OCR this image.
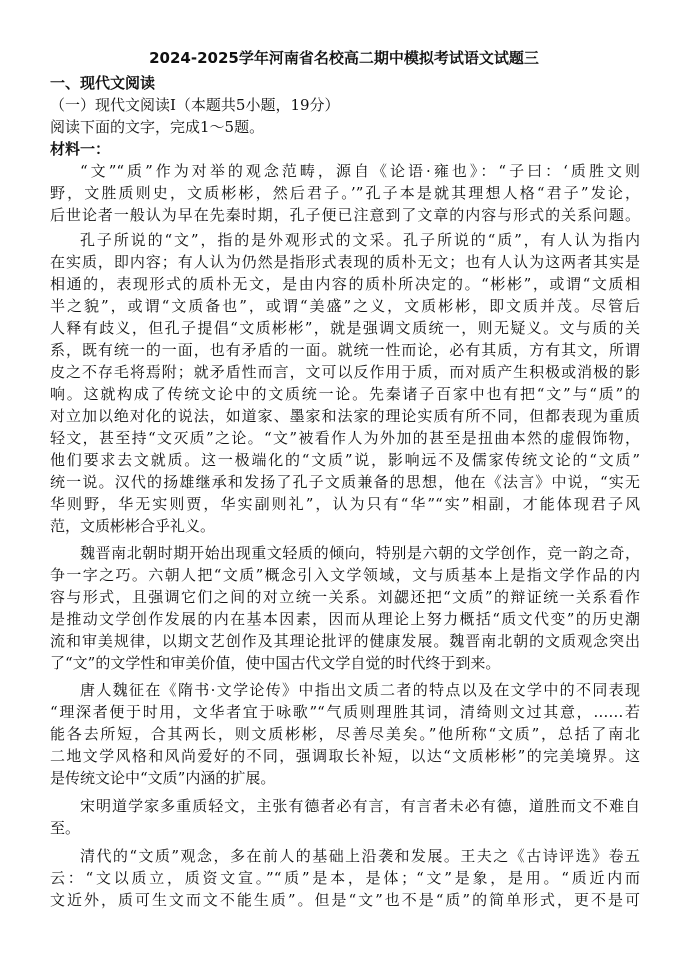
2024-2025学年河南省名校高二期中模拟考试语文试题三
一、现代文阅读
（一）现代文阅读Ⅰ（本题共5小题，19分）
阅读下面的文字，完成1～5题。
材料一：
“文”“质”作为对举的观念范畴，源自《论语·雍也》：“子曰：‘质胜文则
野，文胜质则史，文质彬彬，然后君子。’”孔子本是就其理想人格“君子”发论，
后世论者一般认为早在先秦时期，孔子便已注意到了文章的内容与形式的关系问题。
孔子所说的“文”，指的是外观形式的文采。孔子所说的“质”，有人认为指内
在实质，即内容；有人认为仍然是指形式表现的质朴无文；也有人认为这两者其实是
相通的，表现形式的质朴无文，是由内容的质朴所决定的。“彬彬”，或谓“文质相
半之貌”，或谓“文质备也”，或谓“美盛”之义，文质彬彬，即文质并茂。尽管后
人释有歧义，但孔子提倡“文质彬彬”，就是强调文质统一，则无疑义。文与质的关
系，既有统一的一面，也有矛盾的一面。就统一性而论，必有其质，方有其文，所谓
皮之不存毛将焉附；就矛盾性而言，文可以反作用于质，而对质产生积极或消极的影
响。这就构成了传统文论中的文质统一论。先秦诸子百家中也有把“文”与“质”的
对立加以绝对化的说法，如道家、墨家和法家的理论实质有所不同，但都表现为重质
轻文，甚至持“文灭质”之论。“文”被看作人为外加的甚至是扭曲本然的虚假饰物，
他们要求去文就质。这一极端化的“文质”说，影响远不及儒家传统文论的“文质”
统一说。汉代的扬雄继承和发扬了孔子文质兼备的思想，他在《法言》中说，“实无
华则野，华无实则贾，华实副则礼”，认为只有“华”“实”相副，才能体现君子风
范，文质彬彬合乎礼义。
魏晋南北朝时期开始出现重文轻质的倾向，特别是六朝的文学创作，竞一韵之奇，
争一字之巧。六朝人把“文质”概念引入文学领域，文与质基本上是指文学作品的内
容与形式，且强调它们之间的对立统一关系。刘勰还把“文质”的辩证统一关系看作
是推动文学创作发展的内在基本因素，因而从理论上努力概括“质文代变”的历史潮
流和审美规律，以期文艺创作及其理论批评的健康发展。魏晋南北朝的文质观念突出
了“文”的文学性和审美价值，使中国古代文学自觉的时代终于到来。
唐人魏征在《隋书·文学论传》中指出文质二者的特点以及在文学中的不同表现
“理深者便于时用，文华者宜于咏歌”“气质则理胜其词，清绮则文过其意，……若
能各去所短，合其两长，则文质彬彬，尽善尽美矣。”他所称“文质”，总括了南北
二地文学风格和风尚爱好的不同，强调取长补短，以达“文质彬彬”的完美境界。这
是传统文论中“文质”内涵的扩展。
宋明道学家多重质轻文，主张有德者必有言，有言者未必有德，道胜而文不难自
至。
清代的“文质”观念，多在前人的基础上沿袭和发展。王夫之《古诗评选》卷五
云：“文以质立，质资文宣。”“质”是本，是体；“文”是象，是用。“质近内而
文近外，质可生文而文不能生质”。但是“文”也不是“质”的简单形式，更不是可
